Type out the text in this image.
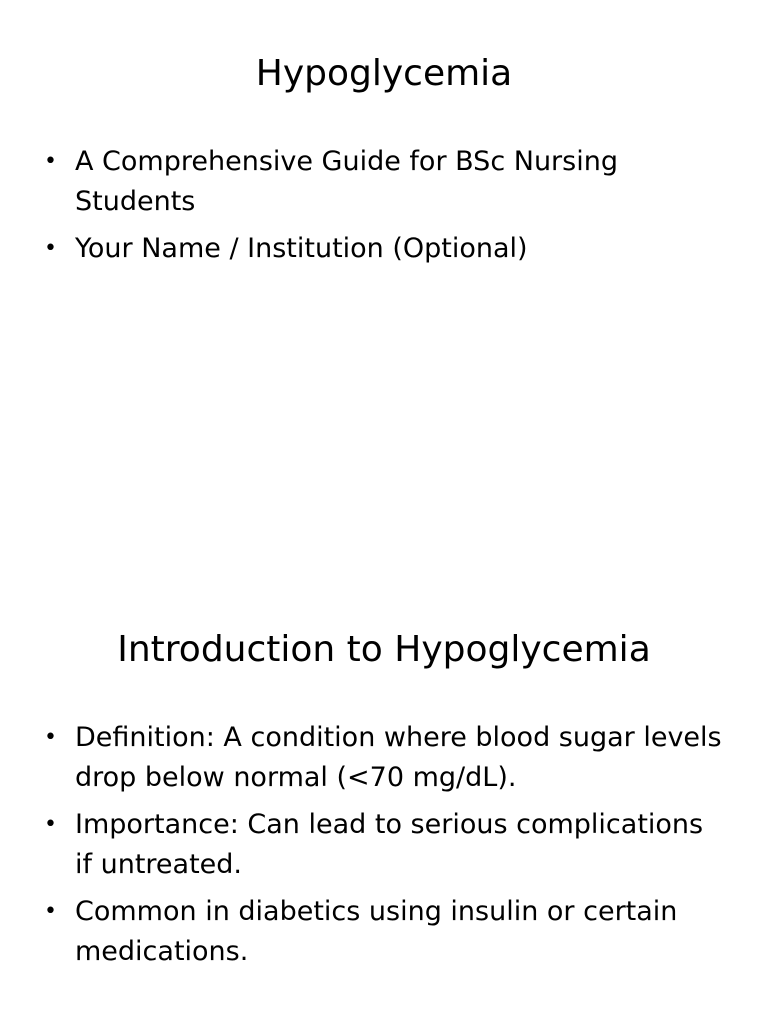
Hypoglycemia
• A Comprehensive Guide for BSc Nursing Students
• Your Name / Institution (Optional)
Introduction to Hypoglycemia
• Definition: A condition where blood sugar levels drop below normal (<70 mg/dL).
• Importance: Can lead to serious complications if untreated.
• Common in diabetics using insulin or certain medications.
